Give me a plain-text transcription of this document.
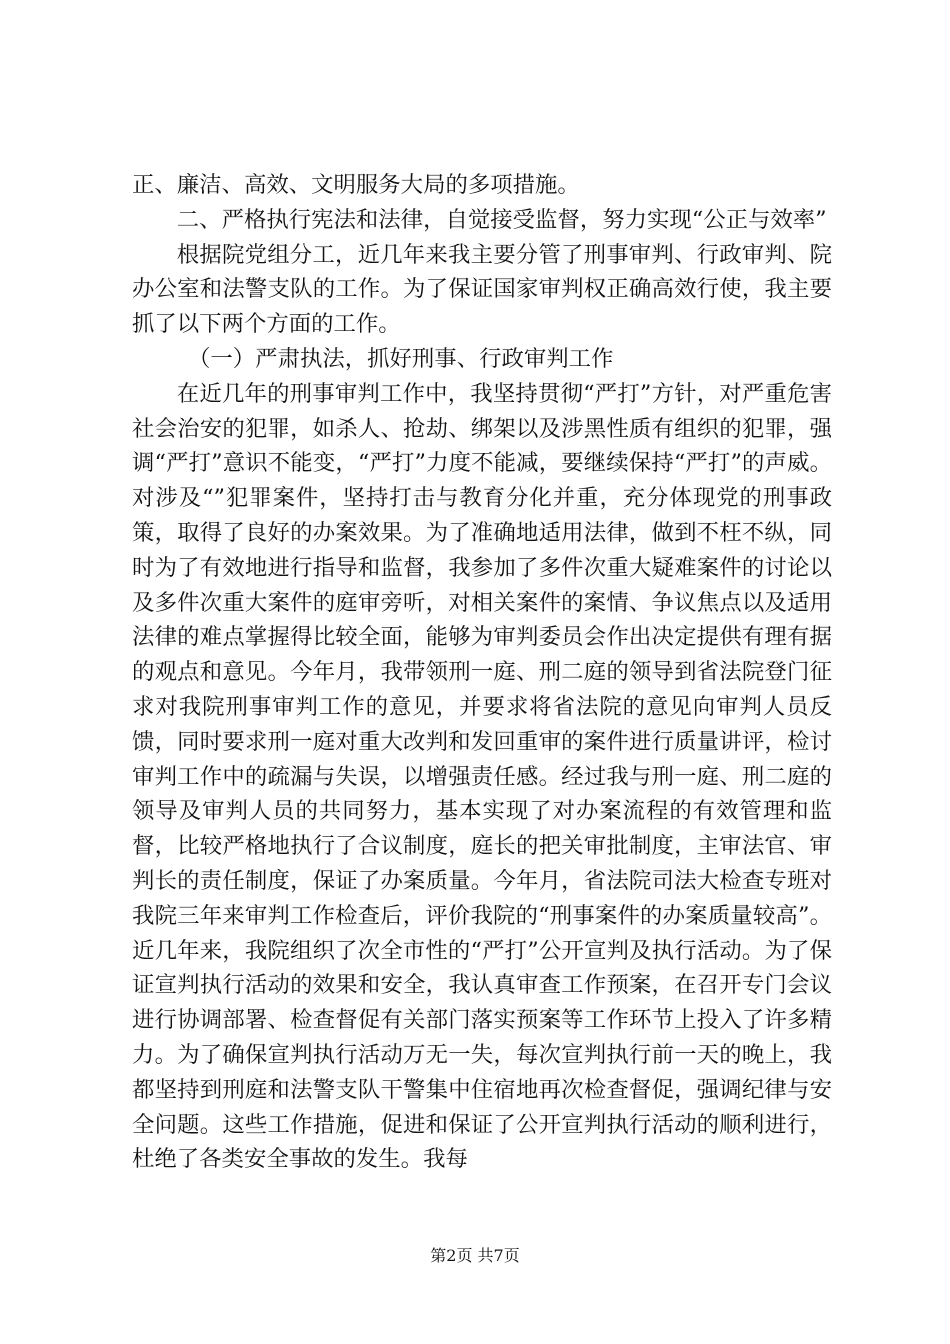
正、廉洁、高效、文明服务大局的多项措施。

二、严格执行宪法和法律，自觉接受监督，努力实现“公正与效率”

根据院党组分工，近几年来我主要分管了刑事审判、行政审判、院办公室和法警支队的工作。为了保证国家审判权正确高效行使，我主要抓了以下两个方面的工作。

（一）严肃执法，抓好刑事、行政审判工作

在近几年的刑事审判工作中，我坚持贯彻“严打”方针，对严重危害社会治安的犯罪，如杀人、抢劫、绑架以及涉黑性质有组织的犯罪，强调“严打”意识不能变，“严打”力度不能减，要继续保持“严打”的声威。对涉及“”犯罪案件，坚持打击与教育分化并重，充分体现党的刑事政策，取得了良好的办案效果。为了准确地适用法律，做到不枉不纵，同时为了有效地进行指导和监督，我参加了多件次重大疑难案件的讨论以及多件次重大案件的庭审旁听，对相关案件的案情、争议焦点以及适用法律的难点掌握得比较全面，能够为审判委员会作出决定提供有理有据的观点和意见。今年月，我带领刑一庭、刑二庭的领导到省法院登门征求对我院刑事审判工作的意见，并要求将省法院的意见向审判人员反馈，同时要求刑一庭对重大改判和发回重审的案件进行质量讲评，检讨审判工作中的疏漏与失误，以增强责任感。经过我与刑一庭、刑二庭的领导及审判人员的共同努力，基本实现了对办案流程的有效管理和监督，比较严格地执行了合议制度，庭长的把关审批制度，主审法官、审判长的责任制度，保证了办案质量。今年月，省法院司法大检查专班对我院三年来审判工作检查后，评价我院的“刑事案件的办案质量较高”。近几年来，我院组织了次全市性的“严打”公开宣判及执行活动。为了保证宣判执行活动的效果和安全，我认真审查工作预案，在召开专门会议进行协调部署、检查督促有关部门落实预案等工作环节上投入了许多精力。为了确保宣判执行活动万无一失，每次宣判执行前一天的晚上，我都坚持到刑庭和法警支队干警集中住宿地再次检查督促，强调纪律与安全问题。这些工作措施，促进和保证了公开宣判执行活动的顺利进行，杜绝了各类安全事故的发生。我每

第2页 共7页
